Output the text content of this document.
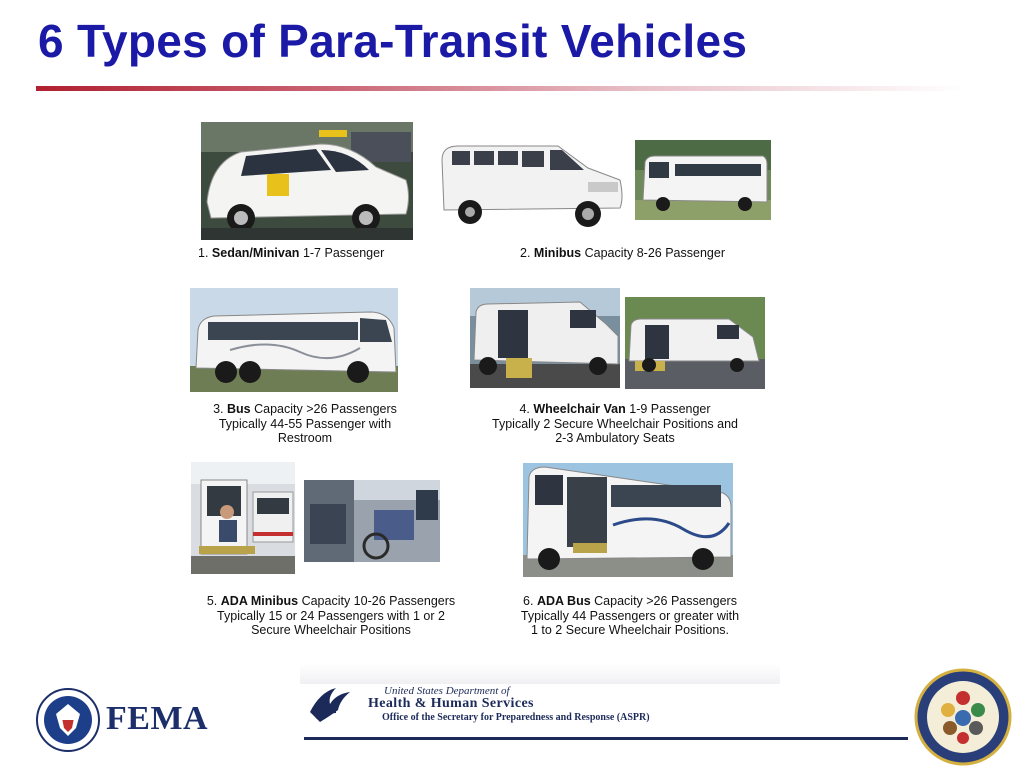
6 Types of Para-Transit Vehicles
1. Sedan/Minivan 1-7 Passenger	2. Minibus Capacity 8-26 Passenger
3. Bus Capacity >26 Passengers
Typically 44-55 Passenger with
Restroom
4. Wheelchair Van 1-9 Passenger
Typically 2 Secure Wheelchair Positions and
2-3 Ambulatory Seats
5. ADA Minibus Capacity 10-26 Passengers
Typically 15 or 24 Passengers with 1 or 2
Secure Wheelchair Positions
6. ADA Bus Capacity >26 Passengers
Typically 44 Passengers or greater with
1 to 2 Secure Wheelchair Positions.
FEMA
United States Department of
Health & Human Services
Office of the Secretary for Preparedness and Response (ASPR)
